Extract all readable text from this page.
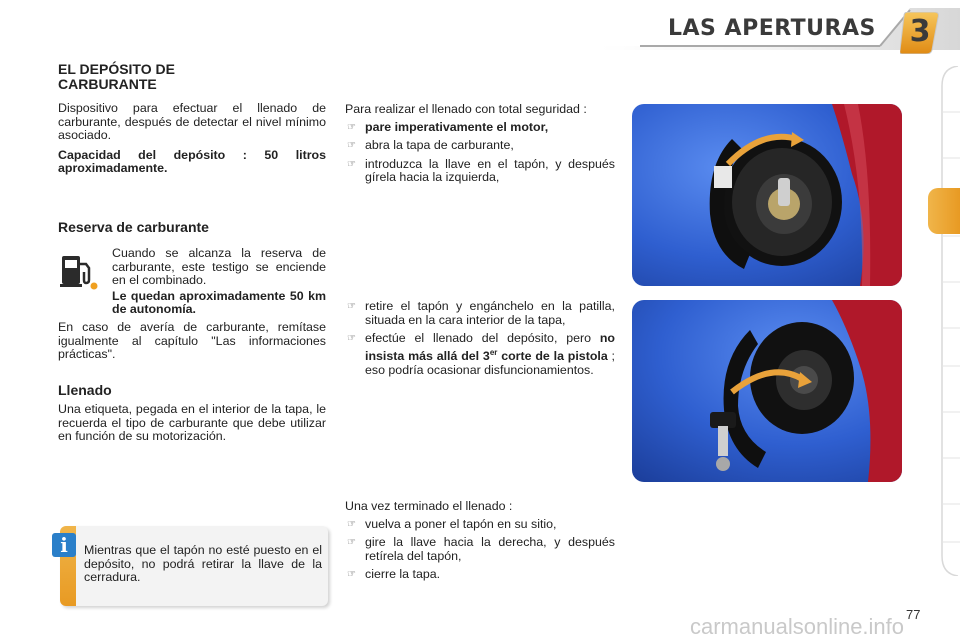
LAS APERTURAS	3
EL DEPÓSITO DE CARBURANTE

Dispositivo para efectuar el llenado de carburante, después de detectar el nivel mínimo asociado.

Capacidad del depósito : 50 litros aproximadamente.

Reserva de carburante

Cuando se alcanza la reserva de carburante, este testigo se enciende en el combinado.

Le quedan aproximadamente 50 km de autonomía.

En caso de avería de carburante, remítase igualmente al capítulo "Las informaciones prácticas".

Llenado

Una etiqueta, pegada en el interior de la tapa, le recuerda el tipo de carburante que debe utilizar en función de su motorización.

i	Mientras que el tapón no esté puesto en el depósito, no podrá retirar la llave de la cerradura.

Para realizar el llenado con total seguridad :

☞ pare imperativamente el motor,
☞ abra la tapa de carburante,
☞ introduzca la llave en el tapón, y después gírela hacia la izquierda,
☞ retire el tapón y engánchelo en la patilla, situada en la cara interior de la tapa,
☞ efectúe el llenado del depósito, pero no insista más allá del 3er corte de la pistola ; eso podría ocasionar disfuncionamientos.

Una vez terminado el llenado :

☞ vuelva a poner el tapón en su sitio,
☞ gire la llave hacia la derecha, y después retírela del tapón,
☞ cierre la tapa.
77
carmanualsonline.info
